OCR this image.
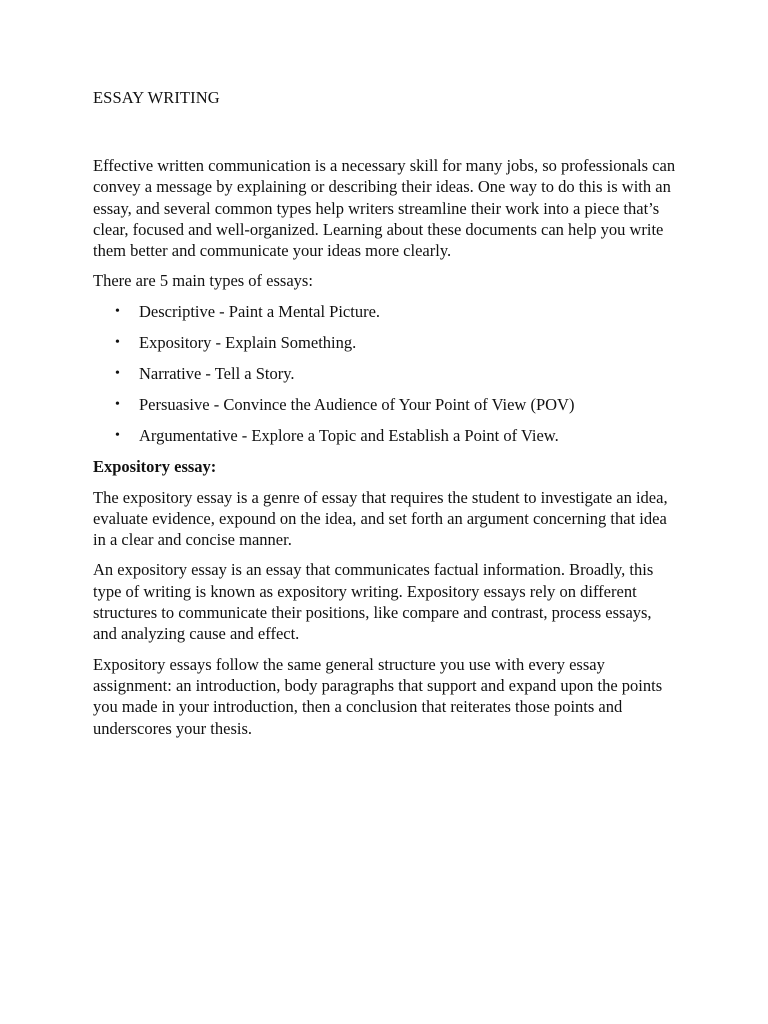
ESSAY WRITING

Effective written communication is a necessary skill for many jobs, so professionals can convey a message by explaining or describing their ideas. One way to do this is with an essay, and several common types help writers streamline their work into a piece that’s clear, focused and well-organized. Learning about these documents can help you write them better and communicate your ideas more clearly.

There are 5 main types of essays:

• Descriptive - Paint a Mental Picture.
• Expository - Explain Something.
• Narrative - Tell a Story.
• Persuasive - Convince the Audience of Your Point of View (POV)
• Argumentative - Explore a Topic and Establish a Point of View.
Expository essay:

The expository essay is a genre of essay that requires the student to investigate an idea, evaluate evidence, expound on the idea, and set forth an argument concerning that idea in a clear and concise manner.

An expository essay is an essay that communicates factual information. Broadly, this type of writing is known as expository writing. Expository essays rely on different structures to communicate their positions, like compare and contrast, process essays, and analyzing cause and effect.

Expository essays follow the same general structure you use with every essay assignment: an introduction, body paragraphs that support and expand upon the points you made in your introduction, then a conclusion that reiterates those points and underscores your thesis.
